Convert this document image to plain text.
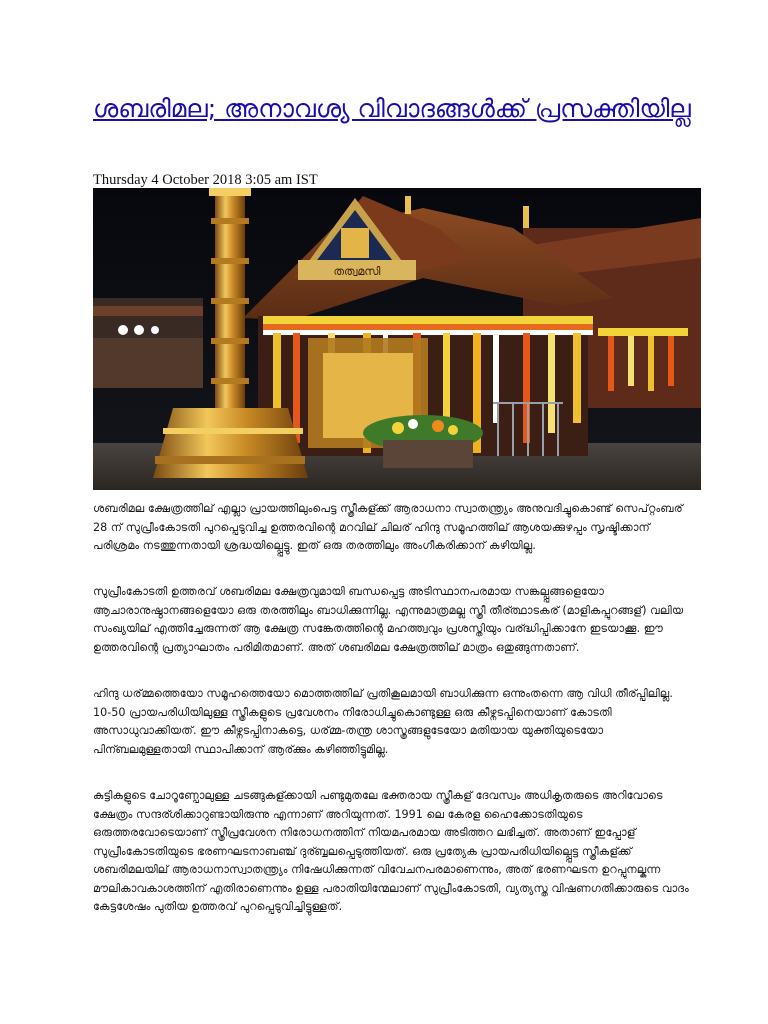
ശബരിമല; അനാവശ്യ വിവാദങ്ങൾക്ക് പ്രസക്തിയില്ല
Thursday 4 October 2018 3:05 am IST
തത്വമസി

ശബരിമല ക്ഷേത്രത്തില് എല്ലാ പ്രായത്തിലുംപെട്ട സ്ത്രീകള്ക്ക് ആരാധനാ സ്വാതന്ത്ര്യം അനുവദിച്ചുകൊണ്ട് സെപ്റ്റംബര് 28 ന് സുപ്രീംകോടതി പുറപ്പെടുവിച്ച ഉത്തരവിന്റെ മറവില് ചിലര് ഹിന്ദു സമൂഹത്തില് ആശയക്കുഴപ്പം സൃഷ്ടിക്കാന് പരിശ്രമം നടത്തുന്നതായി ശ്രദ്ധയില്പ്പെട്ടു. ഇത് ഒരു തരത്തിലും അംഗീകരിക്കാന് കഴിയില്ല.

സുപ്രീംകോടതി ഉത്തരവ് ശബരിമല ക്ഷേത്രവുമായി ബന്ധപ്പെട്ട അടിസ്ഥാനപരമായ സങ്കല്പ്പങ്ങളെയോ ആചാരാനുഷ്ഠാനങ്ങളെയോ ഒരു തരത്തിലും ബാധിക്കുന്നില്ല. എന്നുമാത്രമല്ല സ്ത്രീ തീര്ത്ഥാടകര് (മാളികപ്പുറങ്ങള്) വലിയ സംഖ്യയില് എത്തിച്ചേരുന്നത് ആ ക്ഷേത്ര സങ്കേതത്തിന്റെ മഹത്ത്വവും പ്രശസ്തിയും വര്ദ്ധിപ്പിക്കാനേ ഇടയാക്കൂ. ഈ ഉത്തരവിന്റെ പ്രത്യാഘാതം പരിമിതമാണ്. അത് ശബരിമല ക്ഷേത്രത്തില് മാത്രം ഒതുങ്ങുന്നതാണ്.

ഹിന്ദു ധര്മ്മത്തെയോ സമൂഹത്തെയോ മൊത്തത്തില് പ്രതികൂലമായി ബാധിക്കുന്ന ഒന്നുംതന്നെ ആ വിധി തീര്പ്പിലില്ല. 10-50 പ്രായപരിധിയിലുള്ള സ്ത്രീകളുടെ പ്രവേശനം നിരോധിച്ചുകൊണ്ടുള്ള ഒരു കീഴ്നടപ്പിനെയാണ് കോടതി അസാധുവാക്കിയത്. ഈ കീഴ്നടപ്പിനാകട്ടെ, ധര്മ്മ-തന്ത്ര ശാസ്ത്രങ്ങളുടേയോ മതിയായ യുക്തിയുടെയോ പിന്ബലമുള്ളതായി സ്ഥാപിക്കാന് ആര്ക്കും കഴിഞ്ഞിട്ടുമില്ല.

കുട്ടികളുടെ ചോറൂണ്പോലുള്ള ചടങ്ങുകള്ക്കായി പണ്ടുമുതലേ ഭക്തരായ സ്ത്രീകള് ദേവസ്വം അധികൃതരുടെ അറിവോടെ ക്ഷേത്രം സന്ദര്ശിക്കാറുണ്ടായിരുന്നു എന്നാണ് അറിയുന്നത്. 1991 ലെ കേരള ഹൈക്കോടതിയുടെ ഒരുത്തരവോടെയാണ് സ്ത്രീപ്രവേശന നിരോധനത്തിന് നിയമപരമായ അടിത്തറ ലഭിച്ചത്. അതാണ് ഇപ്പോള് സുപ്രീംകോടതിയുടെ ഭരണഘടനാബഞ്ച് ദുര്ബ്ബലപ്പെടുത്തിയത്. ഒരു പ്രത്യേക പ്രായപരിധിയില്പ്പെട്ട സ്ത്രീകള്ക്ക് ശബരിമലയില് ആരാധനാസ്വാതന്ത്ര്യം നിഷേധിക്കുന്നത് വിവേചനപരമാണെന്നും, അത് ഭരണഘടന ഉറപ്പുനല്കുന്ന മൗലികാവകാശത്തിന് എതിരാണെന്നും ഉള്ള പരാതിയിന്മേലാണ് സുപ്രീംകോടതി, വ്യത്യസ്ത വിഷണഗതിക്കാരുടെ വാദം കേട്ടശേഷം പുതിയ ഉത്തരവ് പുറപ്പെടുവിച്ചിട്ടുള്ളത്.
